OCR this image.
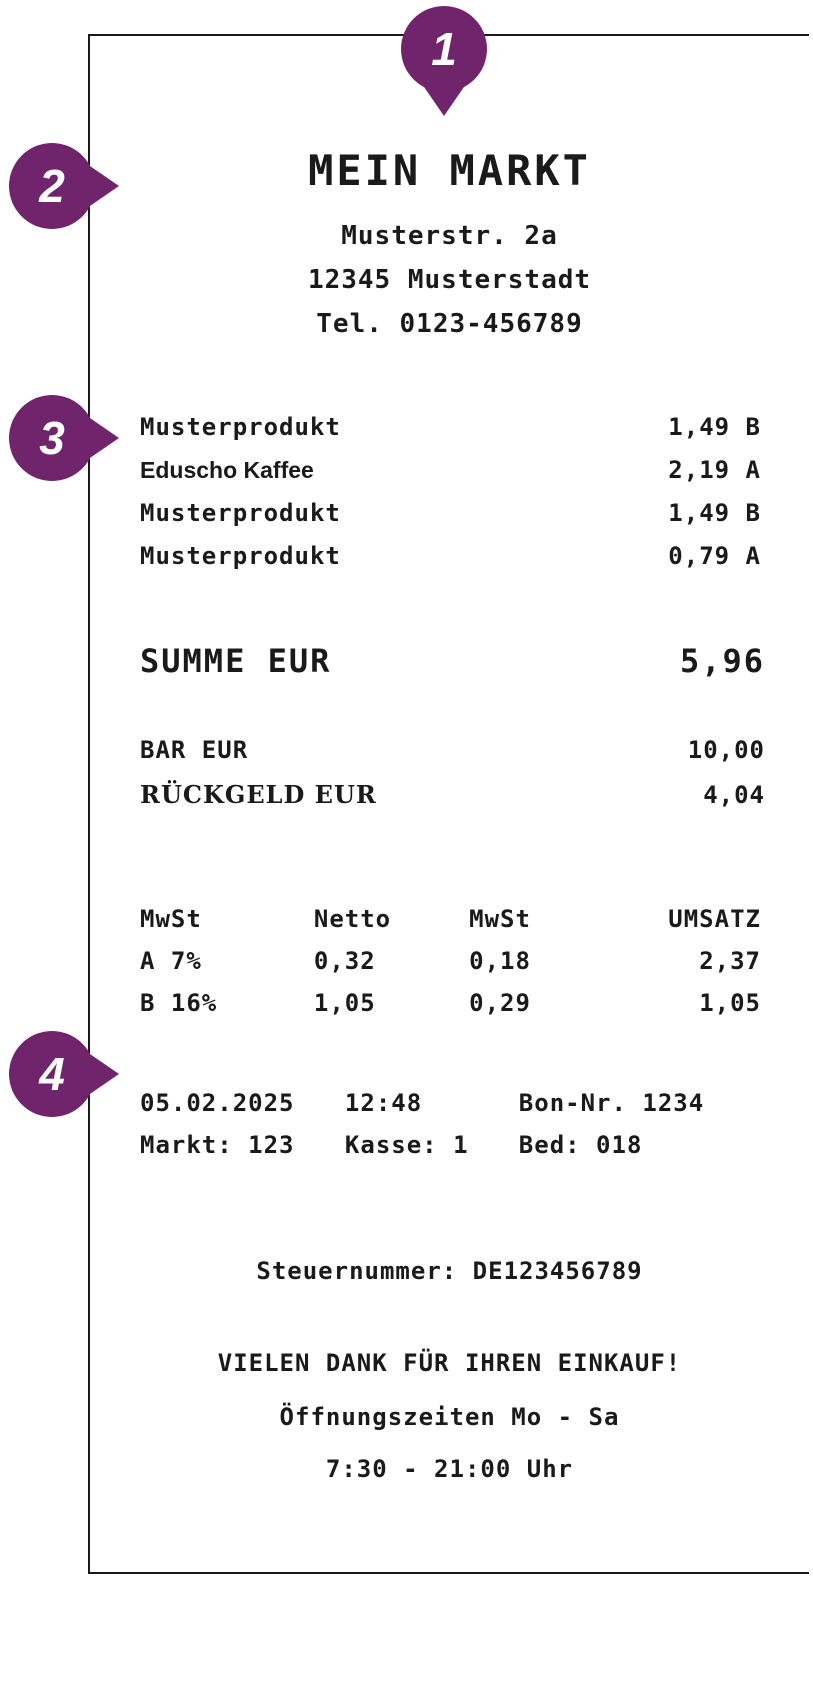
MEIN MARKT
Musterstr. 2a
12345 Musterstadt
Tel. 0123-456789
Musterprodukt	1,49 B
Eduscho Kaffee	2,19 A
Musterprodukt	1,49 B
Musterprodukt	0,79 A
SUMME EUR	5,96
BAR EUR	10,00
RÜCKGELD EUR	4,04
MwSt	Netto	MwSt	UMSATZ
A 7%	0,32	0,18	2,37
B 16%	1,05	0,29	1,05
05.02.2025	12:48	Bon-Nr. 1234
Markt: 123	Kasse: 1	Bed: 018
Steuernummer: DE123456789
VIELEN DANK FÜR IHREN EINKAUF!
Öffnungszeiten Mo - Sa
7:30 - 21:00 Uhr
1
2
3
4
